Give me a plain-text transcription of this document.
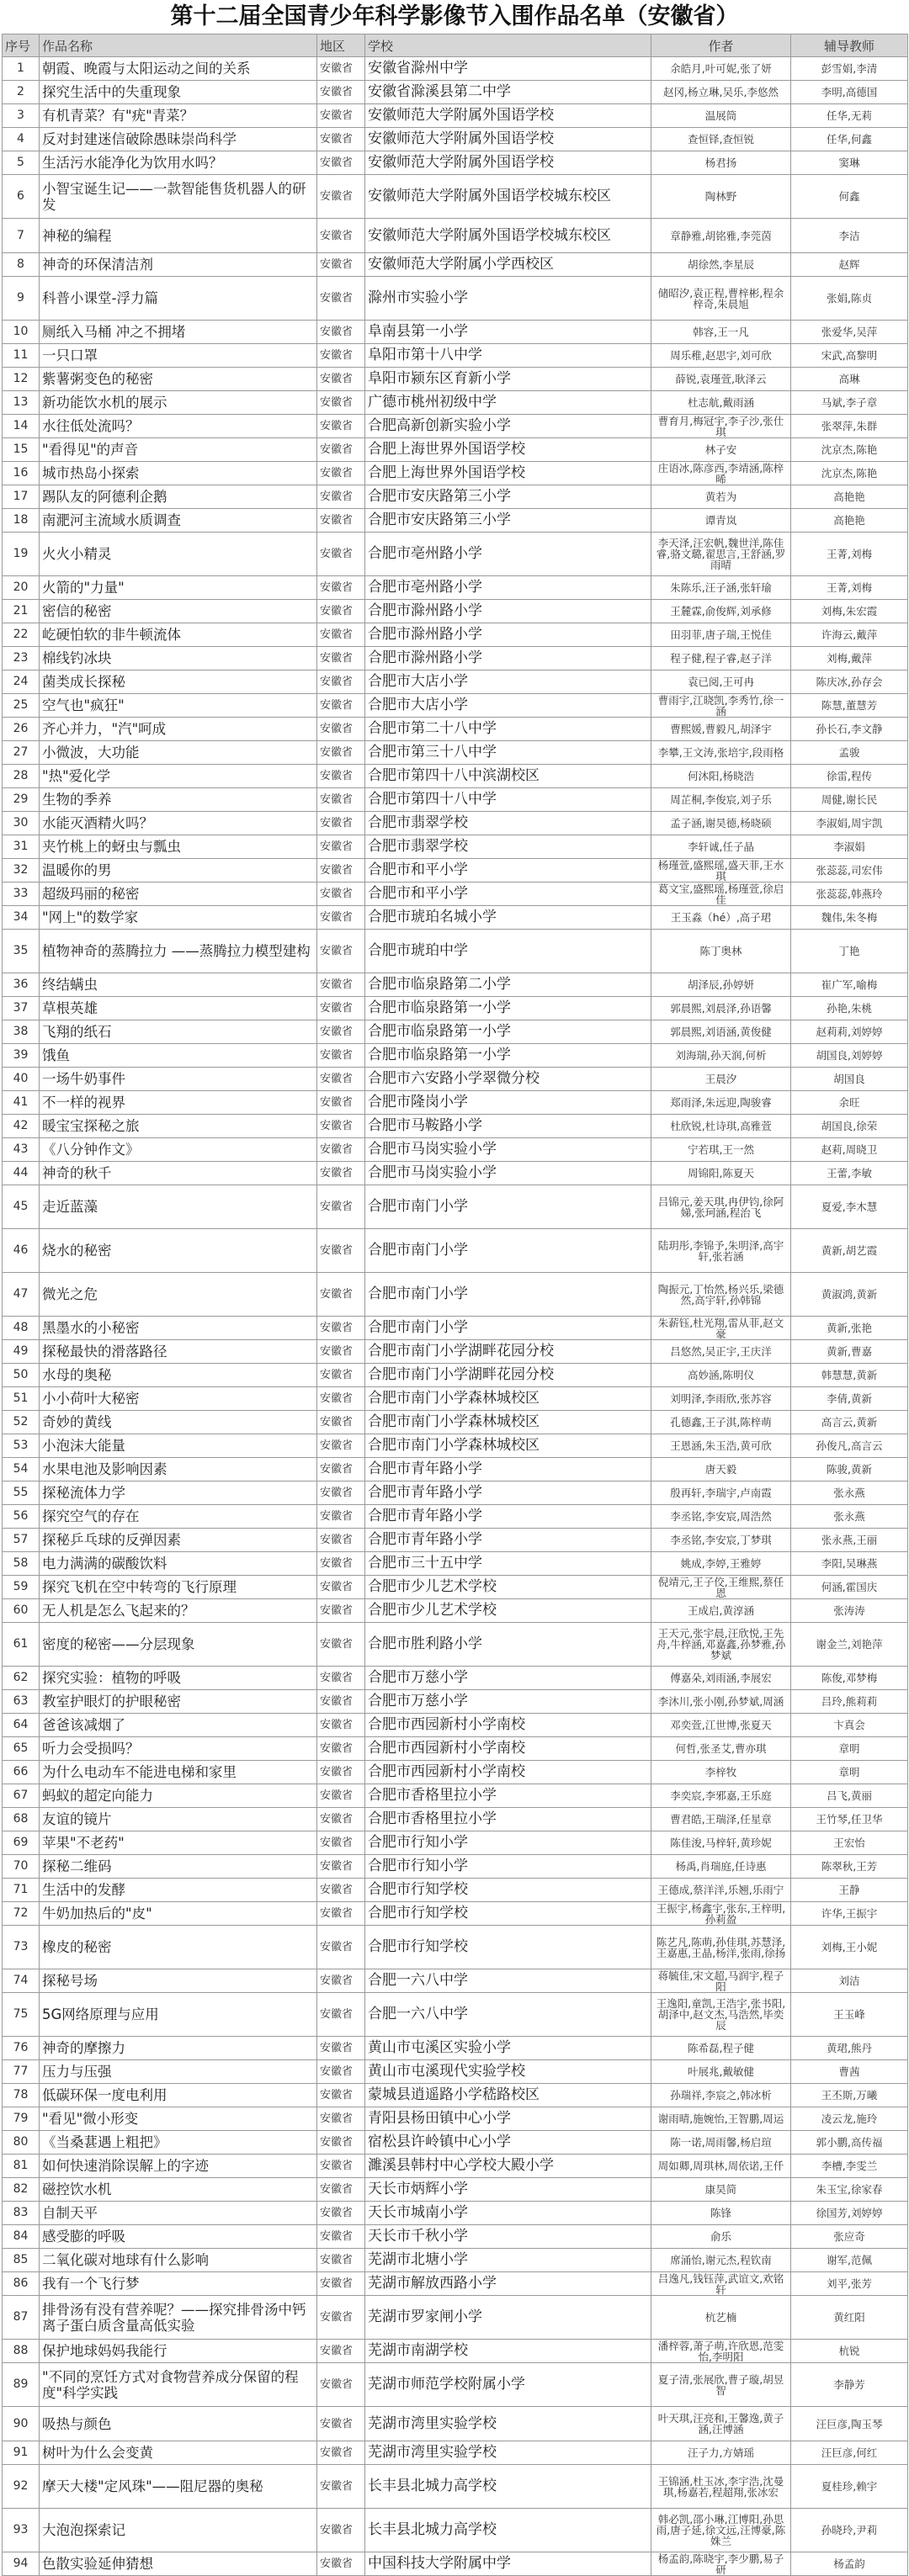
第十二届全国青少年科学影像节入围作品名单（安徽省）
序号	作品名称	地区	学校	作者	辅导教师
1	朝霞、晚霞与太阳运动之间的关系	安徽省	安徽省滁州中学	余皓月,叶可妮,张了妍	彭雪娟,李清
2	探究生活中的失重现象	安徽省	安徽省滁溪县第二中学	赵冈,杨立琳,吴乐,李悠然	李明,高德国
3	有机青菜？有"疣"青菜？	安徽省	安徽师范大学附属外国语学校	温展筒	任华,无莉
4	反对封建迷信破除愚昧崇尚科学	安徽省	安徽师范大学附属外国语学校	查恒铎,查恒锐	任华,何鑫
5	生活污水能净化为饮用水吗？	安徽省	安徽师范大学附属外国语学校	杨君扬	窦琳
6	小智宝诞生记——一款智能售货机器人的研发	安徽省	安徽师范大学附属外国语学校城东校区	陶林野	何鑫
7	神秘的编程	安徽省	安徽师范大学附属外国语学校城东校区	章静雅,胡铭雅,李莞茵	李洁
8	神奇的环保清洁剂	安徽省	安徽师范大学附属小学西校区	胡徐然,李星辰	赵辉
9	科普小课堂-浮力篇	安徽省	滁州市实验小学	储昭汐,袁正程,曹梓彬,程余梓奇,朱晨旭	张娟,陈贞
10	厕纸入马桶 冲之不拥堵	安徽省	阜南县第一小学	韩容,王一凡	张爱华,吴萍
11	一只口罩	安徽省	阜阳市第十八中学	周乐稚,赵思宇,刘可欣	宋武,高黎明
12	紫薯粥变色的秘密	安徽省	阜阳市颍东区育新小学	薛锐,袁瑾萱,耿泽云	高琳
13	新功能饮水机的展示	安徽省	广德市桃州初级中学	杜志航,戴雨涵	马斌,李子章
14	水往低处流吗？	安徽省	合肥高新创新实验小学	曹育月,梅冠宇,李子沙,张仕琪	张翠萍,朱群
15	"看得见"的声音	安徽省	合肥上海世界外国语学校	林子安	沈京杰,陈艳
16	城市热岛小探索	安徽省	合肥上海世界外国语学校	庄语冰,陈彦西,李靖涵,陈梓晞	沈京杰,陈艳
17	踢队友的阿德利企鹅	安徽省	合肥市安庆路第三小学	黄若为	高艳艳
18	南淝河主流域水质调查	安徽省	合肥市安庆路第三小学	谭青岚	高艳艳
19	火火小精灵	安徽省	合肥市亳州路小学	李天泽,汪宏帆,魏世洋,陈佳睿,骆文璐,翟思言,王舒涵,罗雨晴	王菁,刘梅
20	火箭的"力量"	安徽省	合肥市亳州路小学	朱陈乐,汪子涵,张轩瑜	王菁,刘梅
21	密信的秘密	安徽省	合肥市滁州路小学	王麓霖,俞俊辉,刘承修	刘梅,朱宏霞
22	屹硬怕软的非牛顿流体	安徽省	合肥市滁州路小学	田羽菲,唐子瑞,王悦佳	许海云,戴萍
23	棉线钓冰块	安徽省	合肥市滁州路小学	程子健,程子睿,赵子洋	刘梅,戴萍
24	菌类成长探秘	安徽省	合肥市大店小学	袁已阅,王可冉	陈庆冰,孙存会
25	空气也"疯狂"	安徽省	合肥市大店小学	曹雨宇,江晓凯,李秀竹,徐一涵	陈慧,董慧芳
26	齐心并力，"汽"呵成	安徽省	合肥市第二十八中学	曹熙媛,曹毅凡,胡泽宇	孙长石,李文静
27	小微波，大功能	安徽省	合肥市第三十八中学	李攀,王文涛,张培宇,段雨格	孟骏
28	"热"爱化学	安徽省	合肥市第四十八中滨湖校区	何沐阳,杨晓浩	徐雷,程传
29	生物的季养	安徽省	合肥市第四十八中学	周芷桐,李俊宸,刘子乐	周健,谢长民
30	水能灭酒精火吗？	安徽省	合肥市翡翠学校	孟子涵,谢昊德,杨晓硕	李淑娟,周宇凯
31	夹竹桃上的蚜虫与瓢虫	安徽省	合肥市翡翠学校	李轩诚,任子晶	李淑娟
32	温暖你的男	安徽省	合肥市和平小学	杨瑾萱,盛熙瑶,盛天菲,王水琪	张蕊蕊,司宏伟
33	超级玛丽的秘密	安徽省	合肥市和平小学	葛文宝,盛熙瑶,杨瑾萱,徐启佳	张蕊蕊,韩燕玲
34	"网上"的数学家	安徽省	合肥市琥珀名城小学	王玉淼（hé）,高子珺	魏伟,朱冬梅
35	植物神奇的蒸腾拉力 ——蒸腾拉力模型建构	安徽省	合肥市琥珀中学	陈丁奥林	丁艳
36	终结螨虫	安徽省	合肥市临泉路第二小学	胡泽辰,孙婷妍	崔广军,喻梅
37	草根英雄	安徽省	合肥市临泉路第一小学	郭晨熙,刘晨泽,孙语馨	孙艳,朱桃
38	飞翔的纸石	安徽省	合肥市临泉路第一小学	郭晨熙,刘语涵,黄俊健	赵莉莉,刘婷婷
39	饿鱼	安徽省	合肥市临泉路第一小学	刘海瑞,孙天润,何析	胡国良,刘婷婷
40	一场牛奶事件	安徽省	合肥市六安路小学翠微分校	王晨汐	胡国良
41	不一样的视界	安徽省	合肥市隆岗小学	郑雨泽,朱远迎,陶骏睿	余旺
42	暖宝宝探秘之旅	安徽省	合肥市马鞍路小学	杜欣锐,杜诗琪,高雅萱	胡国良,徐荣
43	《八分钟作文》	安徽省	合肥市马岗实验小学	宁若琪,王一然	赵莉,周晓卫
44	神奇的秋千	安徽省	合肥市马岗实验小学	周锦阳,陈夏天	王蕾,李敏
45	走近蓝藻	安徽省	合肥市南门小学	吕锦元,姜天琪,冉伊钧,徐阿娣,张珂涵,程治飞	夏爱,李木慧
46	烧水的秘密	安徽省	合肥市南门小学	陆玥彤,李锦予,朱明泽,高宇轩,张若涵	黄新,胡艺霞
47	微光之危	安徽省	合肥市南门小学	陶振元,丁怡然,杨兴乐,梁德然,高宇轩,孙韩锦	黄淑鸿,黄新
48	黑墨水的小秘密	安徽省	合肥市南门小学	朱薪钰,杜光翔,雷从菲,赵文豪	黄新,张艳
49	探秘最快的滑落路径	安徽省	合肥市南门小学湖畔花园分校	吕悠然,吴正宇,王庆洋	黄新,曹嘉
50	水母的奥秘	安徽省	合肥市南门小学湖畔花园分校	高妙涵,陈明仪	韩慧慧,黄新
51	小小荷叶大秘密	安徽省	合肥市南门小学森林城校区	刘明泽,李雨欣,张苏容	李倩,黄新
52	奇妙的黄线	安徽省	合肥市南门小学森林城校区	孔德鑫,王子淇,陈梓萌	高言云,黄新
53	小泡沫大能量	安徽省	合肥市南门小学森林城校区	王恩涵,朱玉浩,黄可欣	孙俊凡,高言云
54	水果电池及影响因素	安徽省	合肥市青年路小学	唐天毅	陈骏,黄新
55	探秘流体力学	安徽省	合肥市青年路小学	殷再轩,李瑞宇,卢南霞	张永燕
56	探究空气的存在	安徽省	合肥市青年路小学	李丞铭,李安宸,周浩然	张永燕
57	探秘乒乓球的反弹因素	安徽省	合肥市青年路小学	李丞铭,李安宸,丁梦琪	张永燕,王丽
58	电力满满的碳酸饮料	安徽省	合肥市三十五中学	姚成,李婷,王雅婷	李阳,吴琳燕
59	探究飞机在空中转弯的飞行原理	安徽省	合肥市少儿艺术学校	倪靖元,王子佼,王维熙,蔡任恩	何涵,霍国庆
60	无人机是怎么飞起来的？	安徽省	合肥市少儿艺术学校	王成启,黄淳涵	张涛涛
61	密度的秘密——分层现象	安徽省	合肥市胜利路小学	王天元,张宇晨,汪欣悦,王先舟,牛梓涵,邓嘉鑫,孙梦雅,孙梦斌	谢金兰,刘艳萍
62	探究实验：植物的呼吸	安徽省	合肥市万慈小学	傅嘉朵,刘雨涵,李展宏	陈俊,邓梦梅
63	教室护眼灯的护眼秘密	安徽省	合肥市万慈小学	李沐川,张小刚,孙梦斌,周涵	吕玲,熊莉莉
64	爸爸该减烟了	安徽省	合肥市西园新村小学南校	邓奕萱,江世博,张夏天	卞真会
65	听力会受损吗？	安徽省	合肥市西园新村小学南校	何哲,张圣艾,曹亦琪	章明
66	为什么电动车不能进电梯和家里	安徽省	合肥市西园新村小学南校	李梓牧	章明
67	蚂蚁的超定向能力	安徽省	合肥市香格里拉小学	李奕宸,李邪嘉,王乐庭	吕飞,黄丽
68	友谊的镜片	安徽省	合肥市香格里拉小学	曹君皓,王瑞泽,任星章	王竹琴,任卫华
69	苹果"不老药"	安徽省	合肥市行知小学	陈佳浚,马梓轩,黄珍妮	王宏怡
70	探秘二维码	安徽省	合肥市行知小学	杨禹,肖瑞庭,任诗惠	陈翠秋,王芳
71	生活中的发酵	安徽省	合肥市行知学校	王德成,蔡洋洋,乐翘,乐雨宁	王静
72	牛奶加热后的"皮"	安徽省	合肥市行知学校	王振宇,杨鑫宇,张东,王梓明,孙莉盈	许华,王振宇
73	橡皮的秘密	安徽省	合肥市行知学校	陈艺凡,陈萌,孙佳琪,苏慧泽,王嘉惠,王晶,杨洋,张雨,徐扬	刘梅,王小妮
74	探秘号场	安徽省	合肥一六八中学	蒋毓佳,宋文超,马润宇,程子阳	刘洁
75	5G网络原理与应用	安徽省	合肥一六八中学	王逸阳,童凯,王浩宇,张书阳,胡泽中,赵文杰,马浩然,毕奕辰	王玉峰
76	神奇的摩擦力	安徽省	黄山市屯溪区实验小学	陈希磊,程子健	黄珺,熊丹
77	压力与压强	安徽省	黄山市屯溪现代实验学校	叶展兆,戴敏健	曹茜
78	低碳环保一度电利用	安徽省	蒙城县逍遥路小学嵇路校区	孙瑞祥,李宸之,韩冰析	王丕斯,万曦
79	"看见"微小形变	安徽省	青阳县杨田镇中心小学	谢雨晴,施婉怡,王智鹏,周运	凌云龙,施玲
80	《当桑葚遇上粗把》	安徽省	宿松县许岭镇中心小学	陈一诺,周雨馨,杨启瑄	郭小鹏,高传福
81	如何快速消除误解上的字迹	安徽省	濉溪县韩村中心学校大殿小学	周如卿,周琪林,周依诺,王仟	李槽,李雯兰
82	磁控饮水机	安徽省	天长市炳辉小学	康昊简	朱玉宝,徐家春
83	自制天平	安徽省	天长市城南小学	陈锋	徐国芳,刘婷婷
84	感受膨的呼吸	安徽省	天长市千秋小学	俞乐	张应奇
85	二氧化碳对地球有什么影响	安徽省	芜湖市北塘小学	席涌怡,谢元杰,程钦南	谢军,范佩
86	我有一个飞行梦	安徽省	芜湖市解放西路小学	吕逸凡,钱钰萍,武谊文,欢铭轩	刘平,张芳
87	排骨汤有没有营养呢？——探究排骨汤中钙离子蛋白质含量高低实验	安徽省	芜湖市罗家闸小学	杭艺楠	黄红阳
88	保护地球妈妈我能行	安徽省	芜湖市南湖学校	潘梓蓉,萧子萌,许欣恩,范雯怡,李明阳	杭锐
89	"不同的烹饪方式对食物营养成分保留的程度"科学实践	安徽省	芜湖市师范学校附属小学	夏子清,张展欣,曹子璇,胡昱智	李静芳
90	吸热与颜色	安徽省	芜湖市湾里实验学校	叶天琪,汪亮和,王馨逸,黄子涵,汪博涵	汪巨彦,陶玉琴
91	树叶为什么会变黄	安徽省	芜湖市湾里实验学校	汪子力,方婧瑶	汪巨彦,何红
92	摩天大楼"定风珠"——阻尼器的奥秘	安徽省	长丰县北城力高学校	王锦涵,杜玉冰,李宇浩,沈曼琪,杨嘉若,程超翔,张冰宏	夏桂珍,赖宇
93	大泡泡探索记	安徽省	长丰县北城力高学校	韩必凯,邵小琳,江博阳,孙思雨,唐子延,徐文远,汪博豪,陈姝兰	孙晓玲,尹莉
94	色散实验延伸猜想	安徽省	中国科技大学附属中学	杨孟韵,陈晓宇,李少鹏,易子研	杨孟韵
